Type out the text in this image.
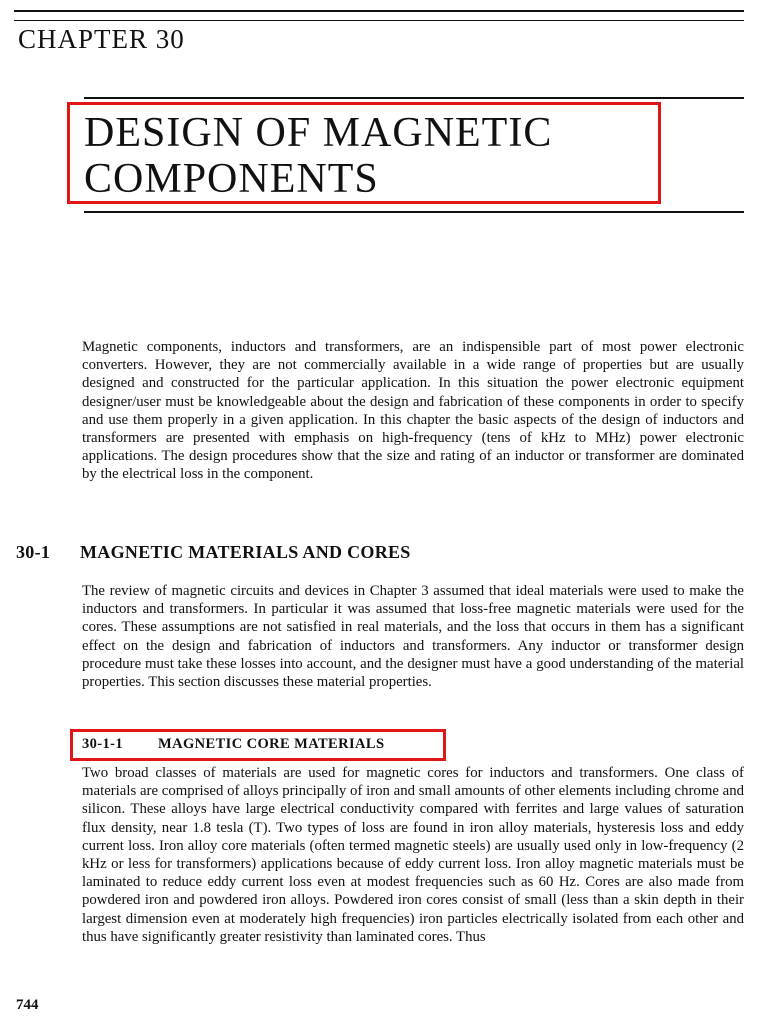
CHAPTER 30
DESIGN OF MAGNETIC COMPONENTS
Magnetic components, inductors and transformers, are an indispensible part of most power electronic converters. However, they are not commercially available in a wide range of properties but are usually designed and constructed for the particular application. In this situation the power electronic equipment designer/user must be knowledgeable about the design and fabrication of these components in order to specify and use them properly in a given application. In this chapter the basic aspects of the design of inductors and transformers are presented with emphasis on high-frequency (tens of kHz to MHz) power electronic applications. The design procedures show that the size and rating of an inductor or transformer are dominated by the electrical loss in the component.
30-1 MAGNETIC MATERIALS AND CORES
The review of magnetic circuits and devices in Chapter 3 assumed that ideal materials were used to make the inductors and transformers. In particular it was assumed that loss-free magnetic materials were used for the cores. These assumptions are not satisfied in real materials, and the loss that occurs in them has a significant effect on the design and fabrication of inductors and transformers. Any inductor or transformer design procedure must take these losses into account, and the designer must have a good understanding of the material properties. This section discusses these material properties.
30-1-1 MAGNETIC CORE MATERIALS
Two broad classes of materials are used for magnetic cores for inductors and transformers. One class of materials are comprised of alloys principally of iron and small amounts of other elements including chrome and silicon. These alloys have large electrical conductivity compared with ferrites and large values of saturation flux density, near 1.8 tesla (T). Two types of loss are found in iron alloy materials, hysteresis loss and eddy current loss. Iron alloy core materials (often termed magnetic steels) are usually used only in low-frequency (2 kHz or less for transformers) applications because of eddy current loss. Iron alloy magnetic materials must be laminated to reduce eddy current loss even at modest frequencies such as 60 Hz. Cores are also made from powdered iron and powdered iron alloys. Powdered iron cores consist of small (less than a skin depth in their largest dimension even at moderately high frequencies) iron particles electrically isolated from each other and thus have significantly greater resistivity than laminated cores. Thus
744
